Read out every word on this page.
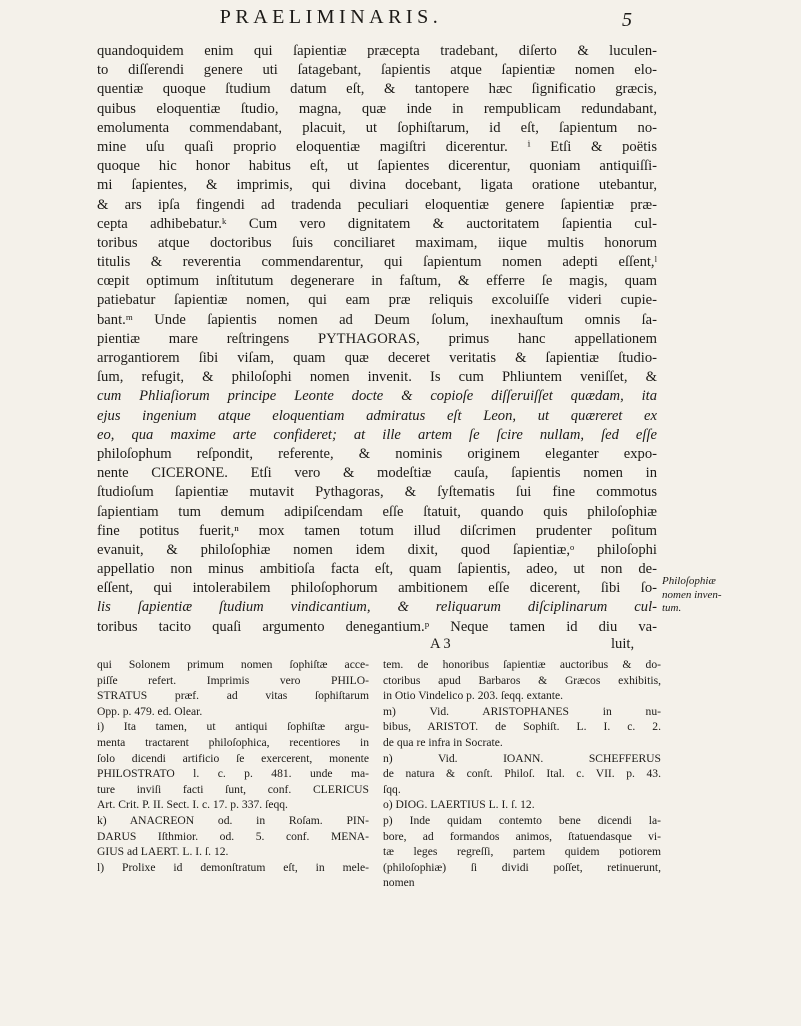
PRAELIMINARIS.	5
quandoquidem enim qui ſapientiæ præcepta tradebant, diſerto & luculen-
to diſſerendi genere uti ſatagebant, ſapientis atque ſapientiæ nomen elo-
quentiæ quoque ſtudium datum eſt, & tantopere hæc ſignificatio græcis,
quibus eloquentiæ ſtudio, magna, quæ inde in rempublicam redundabant,
emolumenta commendabant, placuit, ut ſophiſtarum, id eſt, ſapientum no-
mine uſu quaſi proprio eloquentiæ magiſtri dicerentur. ⁱ Etſi & poëtis
quoque hic honor habitus eſt, ut ſapientes dicerentur, quoniam antiquiſſi-
mi ſapientes, & imprimis, qui divina docebant, ligata oratione utebantur,
& ars ipſa fingendi ad tradenda peculiari eloquentiæ genere ſapientiæ præ-
cepta adhibebatur.ᵏ Cum vero dignitatem & auctoritatem ſapientia cul-
toribus atque doctoribus ſuis conciliaret maximam, iique multis honorum
titulis & reverentia commendarentur, qui ſapientum nomen adepti eſſent,ˡ
cœpit optimum inſtitutum degenerare in faſtum, & efferre ſe magis, quam
patiebatur ſapientiæ nomen, qui eam præ reliquis excoluiſſe videri cupie-
bant.ᵐ Unde ſapientis nomen ad Deum ſolum, inexhauſtum omnis ſa-
pientiæ mare reſtringens PYTHAGORAS, primus hanc appellationem
arrogantiorem ſibi viſam, quam quæ deceret veritatis & ſapientiæ ſtudio-
ſum, refugit, & philoſophi nomen invenit. Is cum Phliuntem veniſſet, &
cum Phliaſiorum principe Leonte docte & copioſe diſſeruiſſet quædam, ita
ejus ingenium atque eloquentiam admiratus eſt Leon, ut quæreret ex
eo, qua maxime arte confideret; at ille artem ſe ſcire nullam, ſed eſſe
philoſophum reſpondit, referente, & nominis originem eleganter expo-
nente CICERONE. Etſi vero & modeſtiæ cauſa, ſapientis nomen in
ſtudioſum ſapientiæ mutavit Pythagoras, & ſyſtematis ſui fine commotus
ſapientiam tum demum adipiſcendam eſſe ſtatuit, quando quis philoſophiæ
fine potitus fuerit,ⁿ mox tamen totum illud diſcrimen prudenter poſitum
evanuit, & philoſophiæ nomen idem dixit, quod ſapientiæ,ᵒ philoſophi
appellatio non minus ambitioſa facta eſt, quam ſapientis, adeo, ut non de-
eſſent, qui intolerabilem philoſophorum ambitionem eſſe dicerent, ſibi ſo-
lis ſapientiæ ſtudium vindicantium, & reliquarum diſciplinarum cul-
toribus tacito quaſi argumento denegantium.ᵖ Neque tamen id diu va-
Philoſophiæ
nomen inven-
tum.
A 3	luit,
qui Solonem primum nomen ſophiſtæ acce-
piſſe refert. Imprimis vero PHILO-
STRATUS præf. ad vitas ſophiſtarum
Opp. p. 479. ed. Olear.
i) Ita tamen, ut antiqui ſophiſtæ argu-
menta tractarent philoſophica, recentiores in
ſolo dicendi artificio ſe exercerent, monente
PHILOSTRATO l. c. p. 481. unde ma-
ture inviſi facti ſunt, conf. CLERICUS
Art. Crit. P. II. Sect. I. c. 17. p. 337. ſeqq.
k) ANACREON od. in Roſam. PIN-
DARUS Iſthmior. od. 5. conf. MENA-
GIUS ad LAERT. L. I. ſ. 12.
l) Prolixe id demonſtratum eſt, in mele-
tem. de honoribus ſapientiæ auctoribus & do-
ctoribus apud Barbaros & Græcos exhibitis,
in Otio Vindelico p. 203. ſeqq. extante.
m) Vid. ARISTOPHANES in nu-
bibus, ARISTOT. de Sophiſt. L. I. c. 2.
de qua re infra in Socrate.
n) Vid. IOANN. SCHEFFERUS
de natura & conſt. Philoſ. Ital. c. VII. p. 43.
ſqq.
o) DIOG. LAERTIUS L. I. ſ. 12.
p) Inde quidam contemto bene dicendi la-
bore, ad formandos animos, ſtatuendasque vi-
tæ leges regreſſi, partem quidem potiorem
(philoſophiæ) ſi dividi poſſet, retinuerunt,
nomen
